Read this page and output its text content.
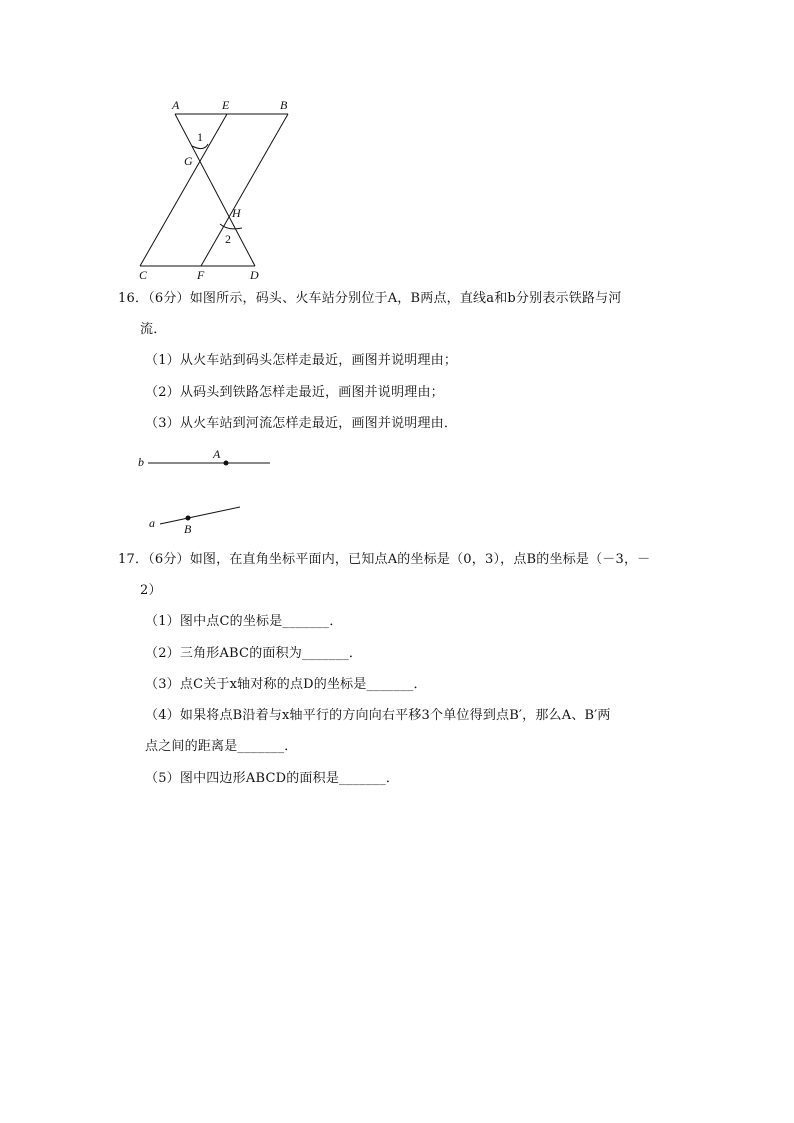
A	E	B
1
G
H
2
C	F	D
16．（6分）如图所示，码头、火车站分别位于A，B两点，直线a和b分别表示铁路与河
流．
（1）从火车站到码头怎样走最近，画图并说明理由；
（2）从码头到铁路怎样走最近，画图并说明理由；
（3）从火车站到河流怎样走最近，画图并说明理由．
b
A
a B
17．（6分）如图，在直角坐标平面内，已知点A的坐标是（0，3），点B的坐标是（－3，－
2）
（1）图中点C的坐标是_______．
（2）三角形ABC的面积为_______．
（3）点C关于x轴对称的点D的坐标是_______．
（4）如果将点B沿着与x轴平行的方向向右平移3个单位得到点B′，那么A、B′两
点之间的距离是_______．
（5）图中四边形ABCD的面积是_______．
